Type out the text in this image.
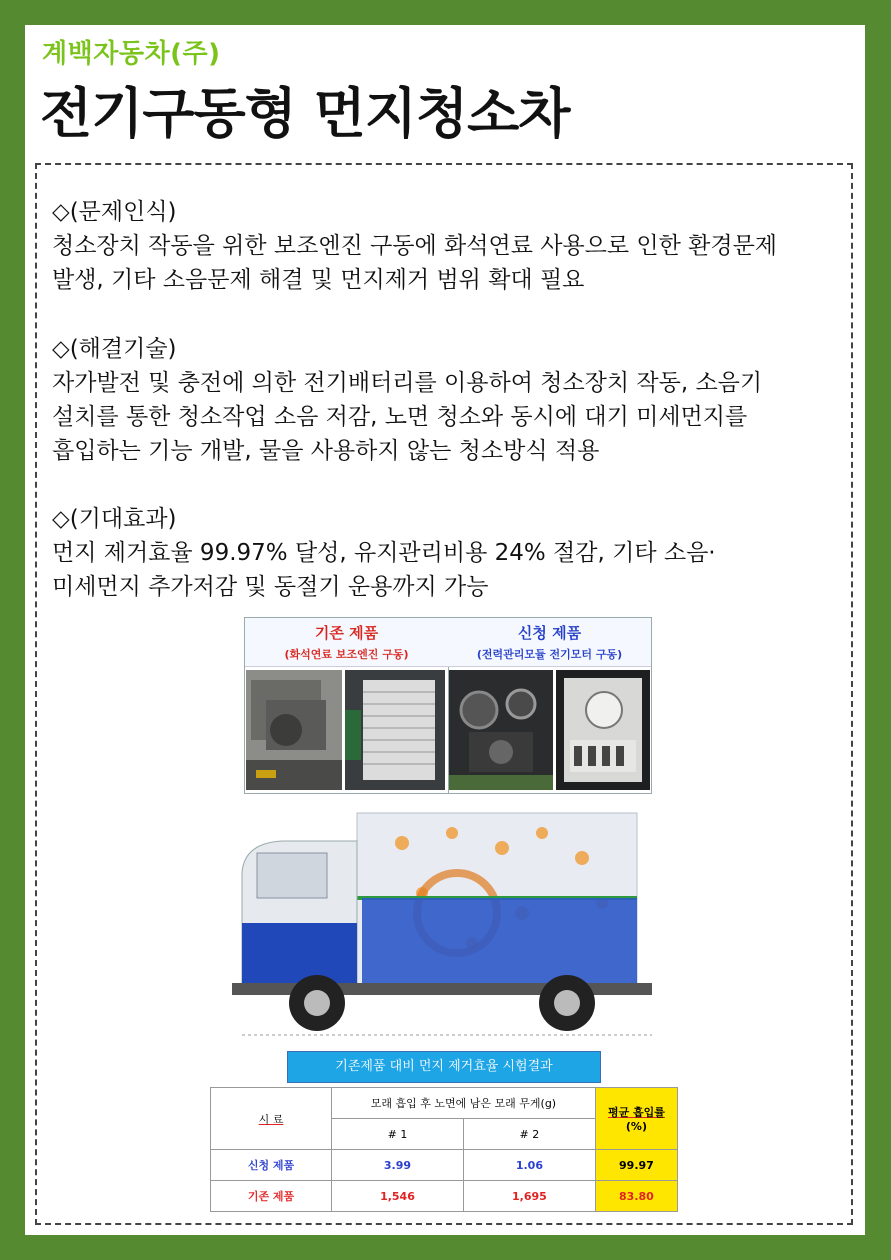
계백자동차(주)
전기구동형 먼지청소차
◇(문제인식)
청소장치 작동을 위한 보조엔진 구동에 화석연료 사용으로 인한 환경문제
발생, 기타 소음문제 해결 및 먼지제거 범위 확대 필요
◇(해결기술)
자가발전 및 충전에 의한 전기배터리를 이용하여 청소장치 작동, 소음기
설치를 통한 청소작업 소음 저감, 노면 청소와 동시에 대기 미세먼지를
흡입하는 기능 개발, 물을 사용하지 않는 청소방식 적용
◇(기대효과)
먼지 제거효율 99.97% 달성, 유지관리비용 24% 절감, 기타 소음·
미세먼지 추가저감 및 동절기 운용까지 가능
기존 제품
(화석연료 보조엔진 구동)
신청 제품
(전력관리모듈 전기모터 구동)
기존제품 대비 먼지 제거효율 시험결과
시 료	모래 흡입 후 노면에 남은 모래 무게(g)		평균 흡입률
(%)
	# 1	# 2	
신청 제품	3.99	1.06	99.97
기존 제품	1,546	1,695	83.80
